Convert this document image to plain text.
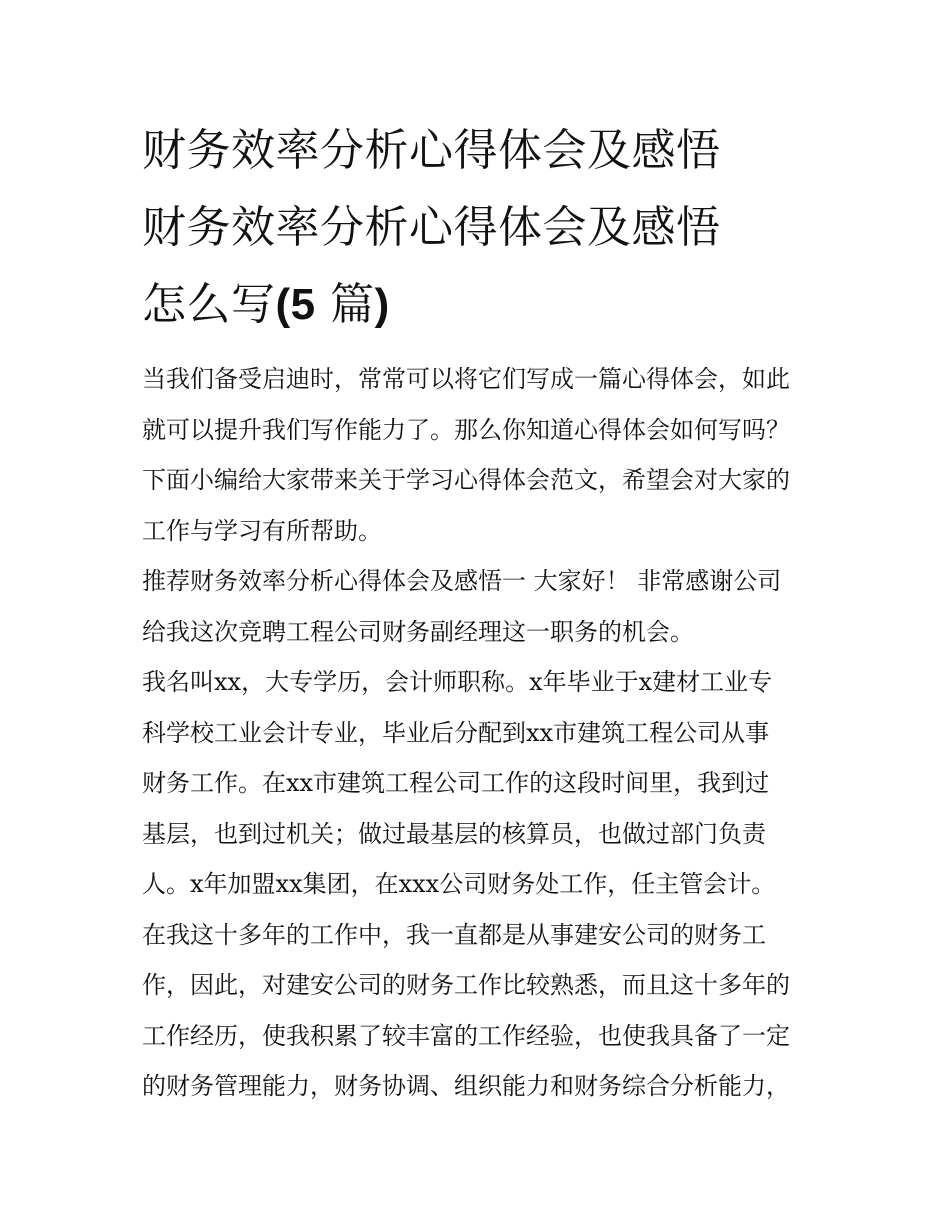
财务效率分析心得体会及感悟
财务效率分析心得体会及感悟
怎么写(5 篇)

当我们备受启迪时，常常可以将它们写成一篇心得体会，如此
就可以提升我们写作能力了。那么你知道心得体会如何写吗？
下面小编给大家带来关于学习心得体会范文，希望会对大家的
工作与学习有所帮助。

推荐财务效率分析心得体会及感悟一 大家好！ 非常感谢公司
给我这次竞聘工程公司财务副经理这一职务的机会。

我名叫xx，大专学历，会计师职称。x年毕业于x建材工业专
科学校工业会计专业，毕业后分配到xx市建筑工程公司从事
财务工作。在xx市建筑工程公司工作的这段时间里，我到过
基层，也到过机关；做过最基层的核算员，也做过部门负责
人。x年加盟xx集团，在xxx公司财务处工作，任主管会计。
在我这十多年的工作中，我一直都是从事建安公司的财务工
作，因此，对建安公司的财务工作比较熟悉，而且这十多年的
工作经历，使我积累了较丰富的工作经验，也使我具备了一定
的财务管理能力，财务协调、组织能力和财务综合分析能力，
